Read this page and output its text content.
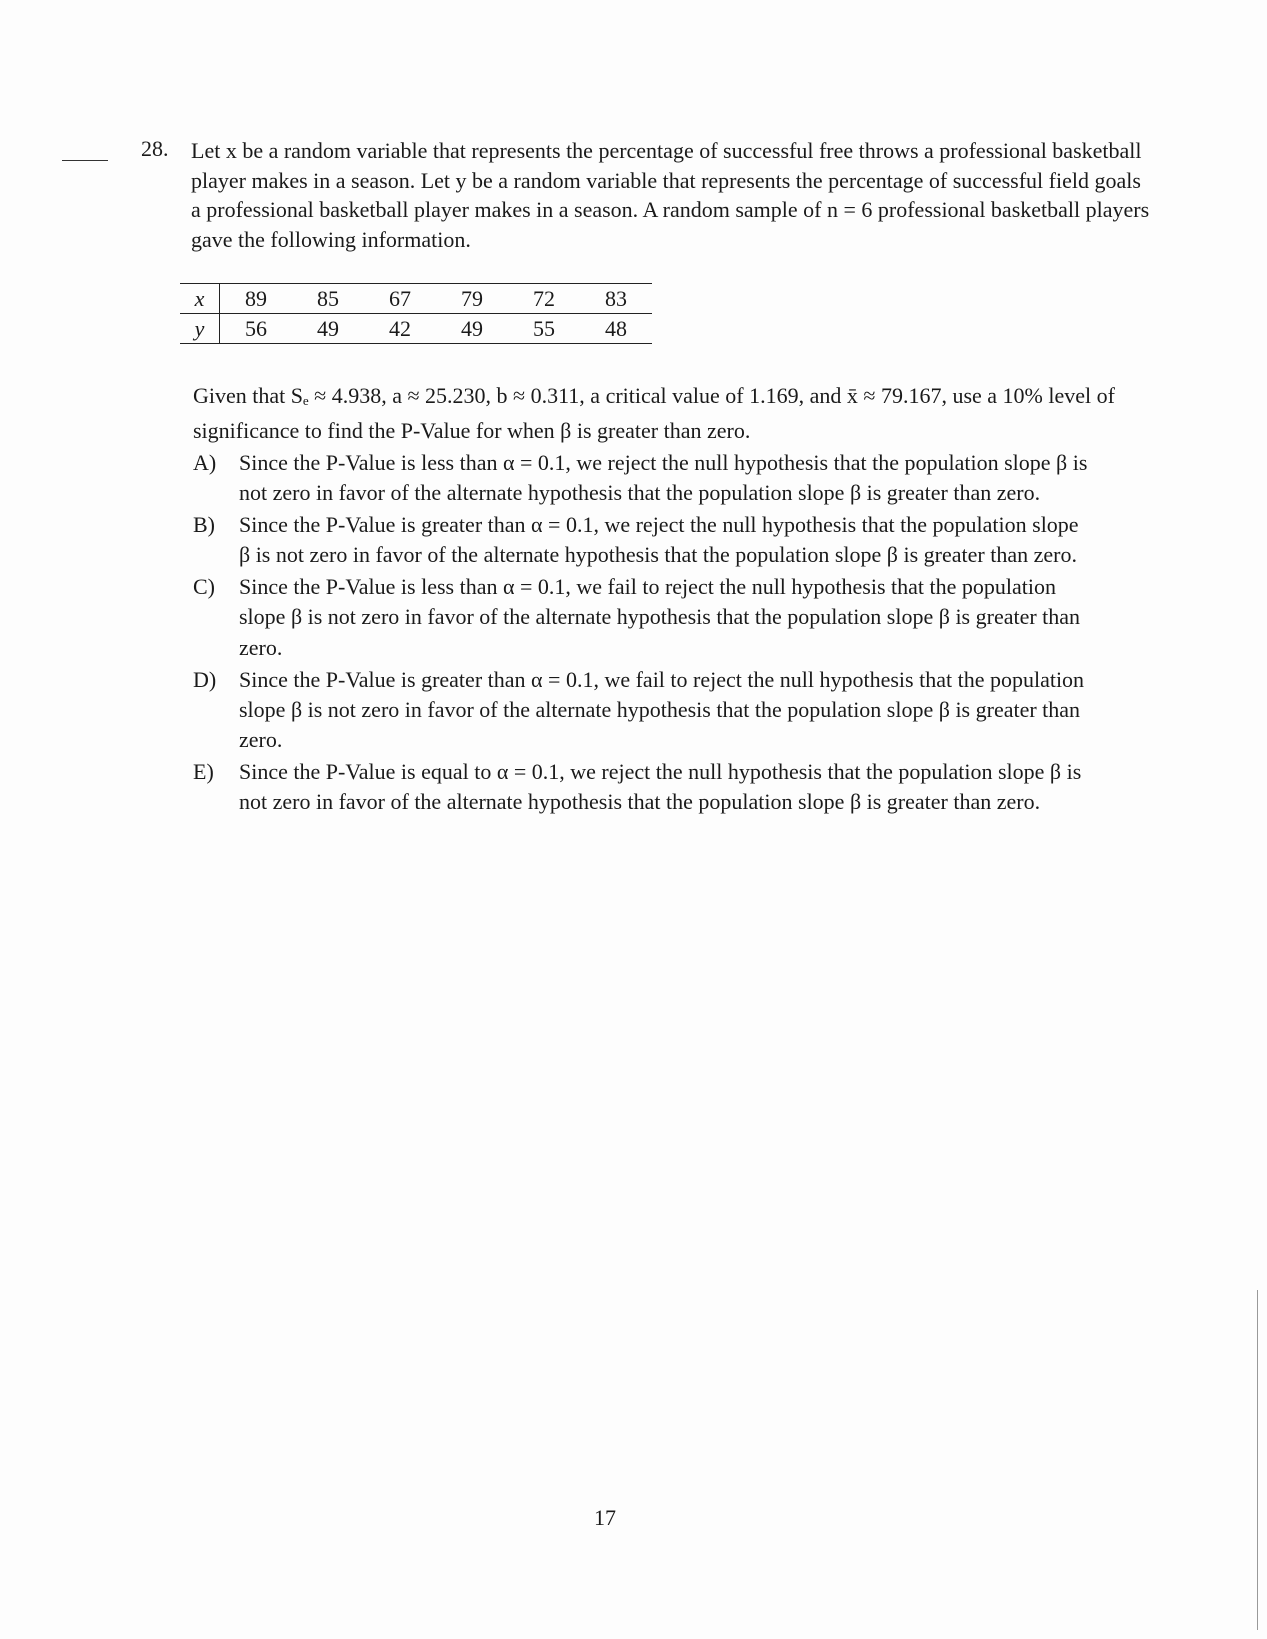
28. Let x be a random variable that represents the percentage of successful free throws a professional basketball player makes in a season. Let y be a random variable that represents the percentage of successful field goals a professional basketball player makes in a season. A random sample of n = 6 professional basketball players gave the following information.
x	89	85	67	79	72	83
y	56	49	42	49	55	48
Given that Sₑ ≈ 4.938, a ≈ 25.230, b ≈ 0.311, a critical value of 1.169, and x̄ ≈ 79.167, use a 10% level of significance to find the P-Value for when β is greater than zero.
A) Since the P-Value is less than α = 0.1, we reject the null hypothesis that the population slope β is not zero in favor of the alternate hypothesis that the population slope β is greater than zero.
B) Since the P-Value is greater than α = 0.1, we reject the null hypothesis that the population slope β is not zero in favor of the alternate hypothesis that the population slope β is greater than zero.
C) Since the P-Value is less than α = 0.1, we fail to reject the null hypothesis that the population slope β is not zero in favor of the alternate hypothesis that the population slope β is greater than zero.
D) Since the P-Value is greater than α = 0.1, we fail to reject the null hypothesis that the population slope β is not zero in favor of the alternate hypothesis that the population slope β is greater than zero.
E) Since the P-Value is equal to α = 0.1, we reject the null hypothesis that the population slope β is not zero in favor of the alternate hypothesis that the population slope β is greater than zero.
17
